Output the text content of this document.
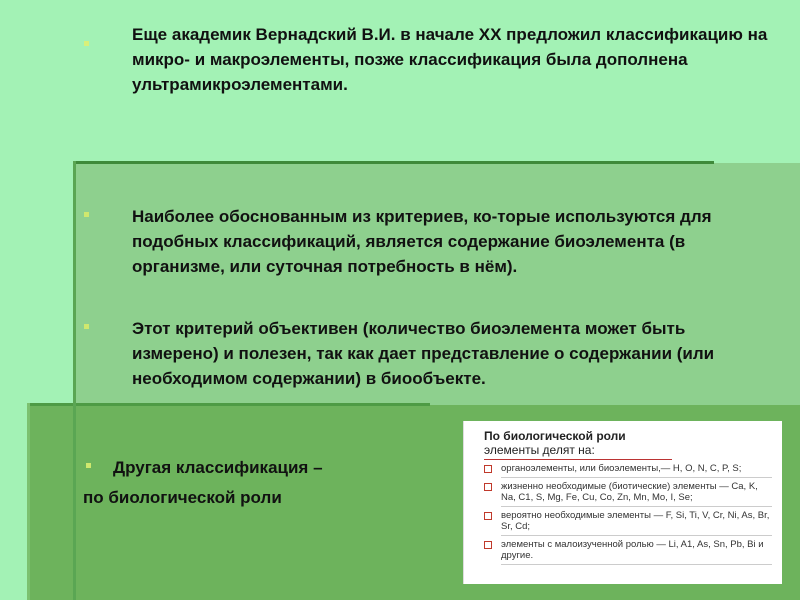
Еще академик Вернадский В.И. в начале XX предложил классификацию на микро- и макроэлементы, позже классификация была дополнена ультрамикроэлементами.
Наиболее обоснованным из критериев, ко-торые используются для подобных классификаций, является содержание биоэлемента (в организме, или суточная потребность в нём).
Этот критерий объективен (количество биоэлемента может быть измерено) и полезен, так как дает представление о содержании (или необходимом содержании) в биообъекте.
Другая классификация –
по биологической роли
По биологической роли
элементы делят на:
органоэлементы, или биоэлементы,— H, O, N, C, P, S;
жизненно необходимые (биотические) элементы — Ca, K, Na, C1, S, Mg, Fe, Cu, Co, Zn, Mn, Mo, I, Se;
вероятно необходимые элементы — F, Si, Ti, V, Cr, Ni, As, Br, Sr, Cd;
элементы с малоизученной ролью — Li, A1, As, Sn, Pb, Bi и другие.
